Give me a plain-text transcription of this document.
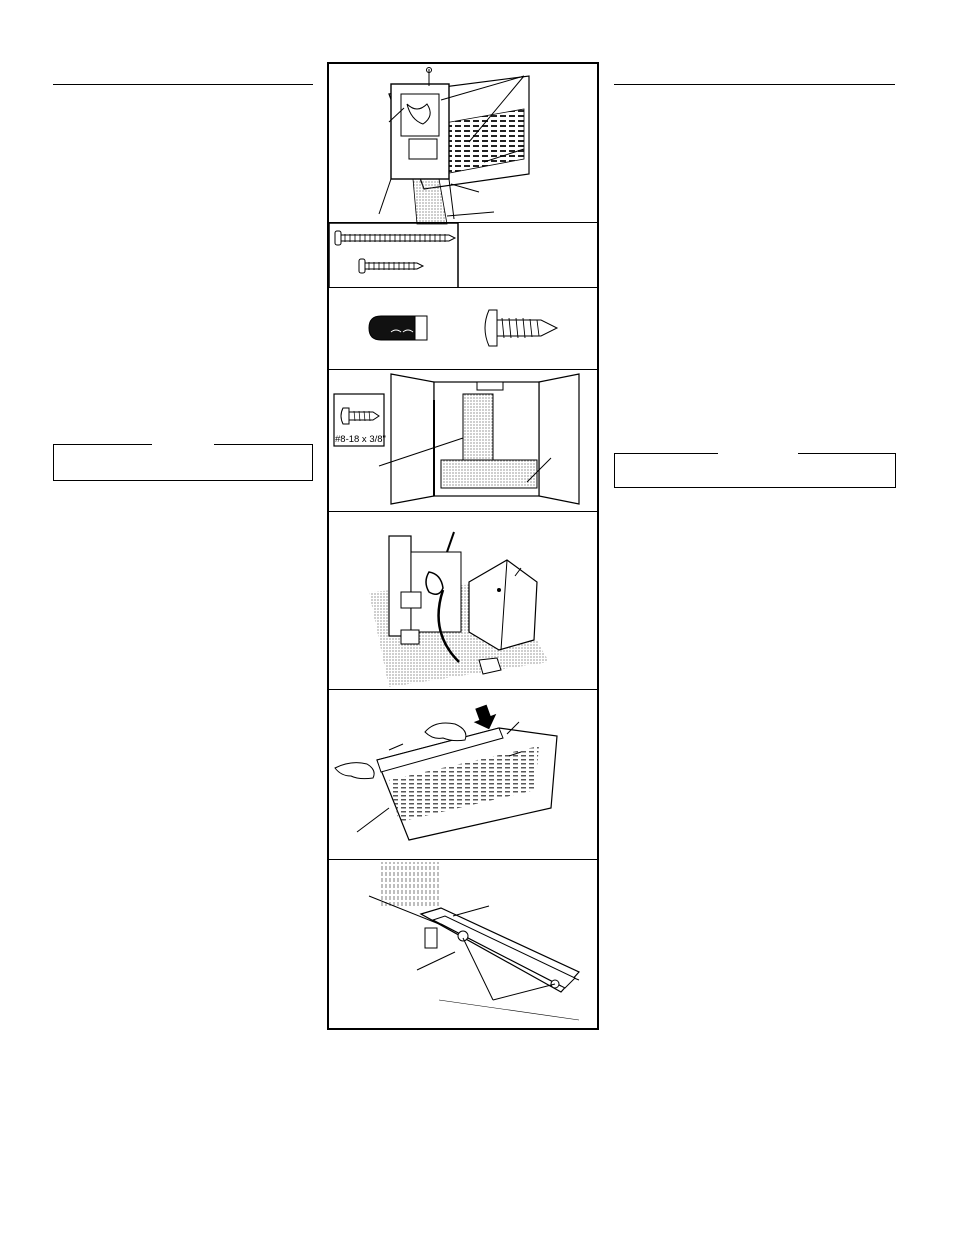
#8-18 x 3/8"
